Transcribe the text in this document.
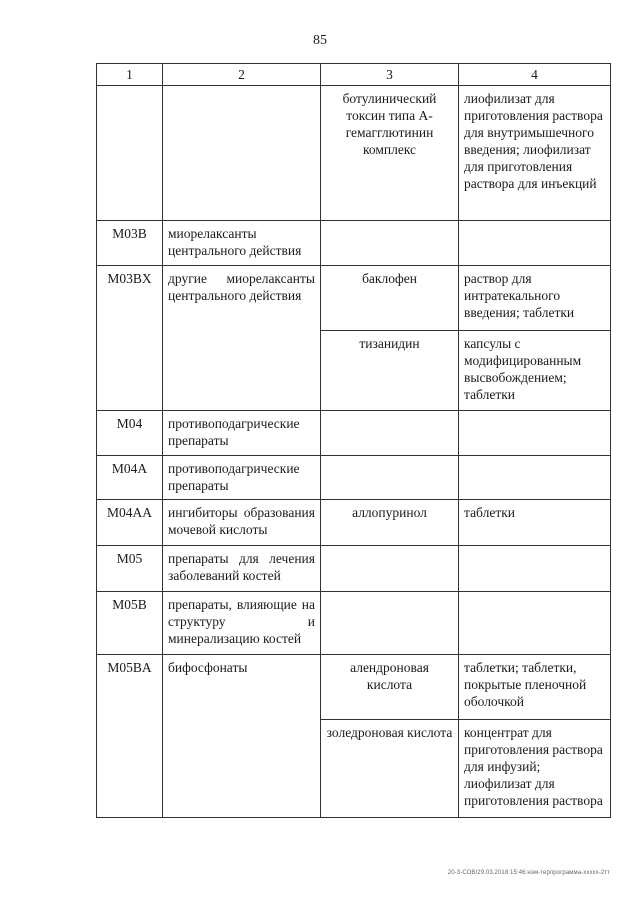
85
1	2	3	4
		ботулинический токсин типа А-гемагглютинин комплекс	лиофилизат для приготовления раствора для внутримышечного введения; лиофилизат для приготовления раствора для инъекций
M03B	миорелаксанты центрального действия		
M03BX	другие миорелаксанты центрального действия	баклофен	раствор для интратекального введения; таблетки
		тизанидин	капсулы с модифицированным высвобождением; таблетки
M04	противоподагрические препараты		
M04A	противоподагрические препараты		
M04AA	ингибиторы образования мочевой кислоты	аллопуринол	таблетки
M05	препараты для лечения заболеваний костей		
M05B	препараты, влияющие на структуру и минерализацию костей		
M05BA	бифосфонаты	алендроновая кислота	таблетки; таблетки, покрытые пленочной оболочкой
		золедроновая кислота	концентрат для приготовления раствора для инфузий; лиофилизат для приготовления раствора
20-3-СОВ/29.03.2018 15:46:нэм-терпрограмма-xxxxx-2тт
